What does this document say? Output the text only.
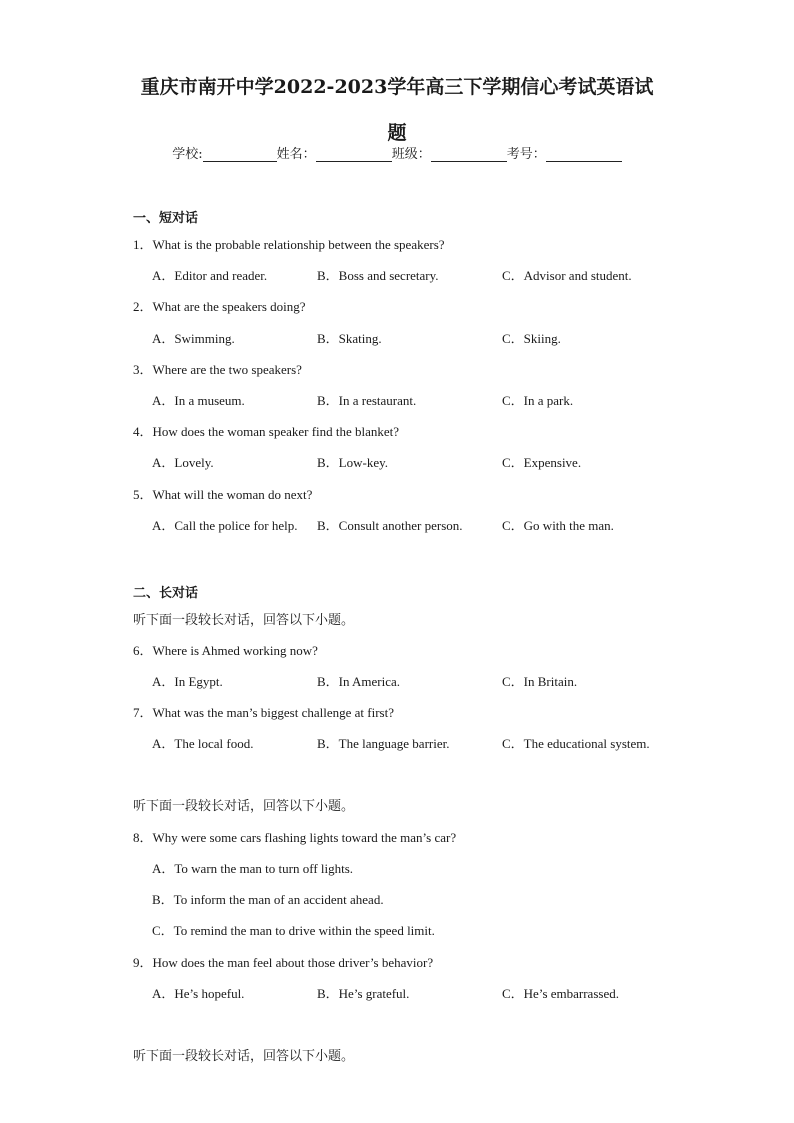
重庆市南开中学2022-2023学年高三下学期信心考试英语试
题
学校:	姓名：	班级：	考号：
一、短对话
1．What is the probable relationship between the speakers?
A．Editor and reader.	B．Boss and secretary.	C．Advisor and student.
2．What are the speakers doing?
A．Swimming.	B．Skating.	C．Skiing.
3．Where are the two speakers?
A．In a museum.	B．In a restaurant.	C．In a park.
4．How does the woman speaker find the blanket?
A．Lovely.	B．Low-key.	C．Expensive.
5．What will the woman do next?
A．Call the police for help. B．Consult another person.	C．Go with the man.
二、长对话
听下面一段较长对话，回答以下小题。
6．Where is Ahmed working now?
A．In Egypt.	B．In America.	C．In Britain.
7．What was the man’s biggest challenge at first?
A．The local food.	B．The language barrier.	C．The educational system.
听下面一段较长对话，回答以下小题。
8．Why were some cars flashing lights toward the man’s car?
A．To warn the man to turn off lights.
B．To inform the man of an accident ahead.
C．To remind the man to drive within the speed limit.
9．How does the man feel about those driver’s behavior?
A．He’s hopeful.	B．He’s grateful.	C．He’s embarrassed.
听下面一段较长对话，回答以下小题。
